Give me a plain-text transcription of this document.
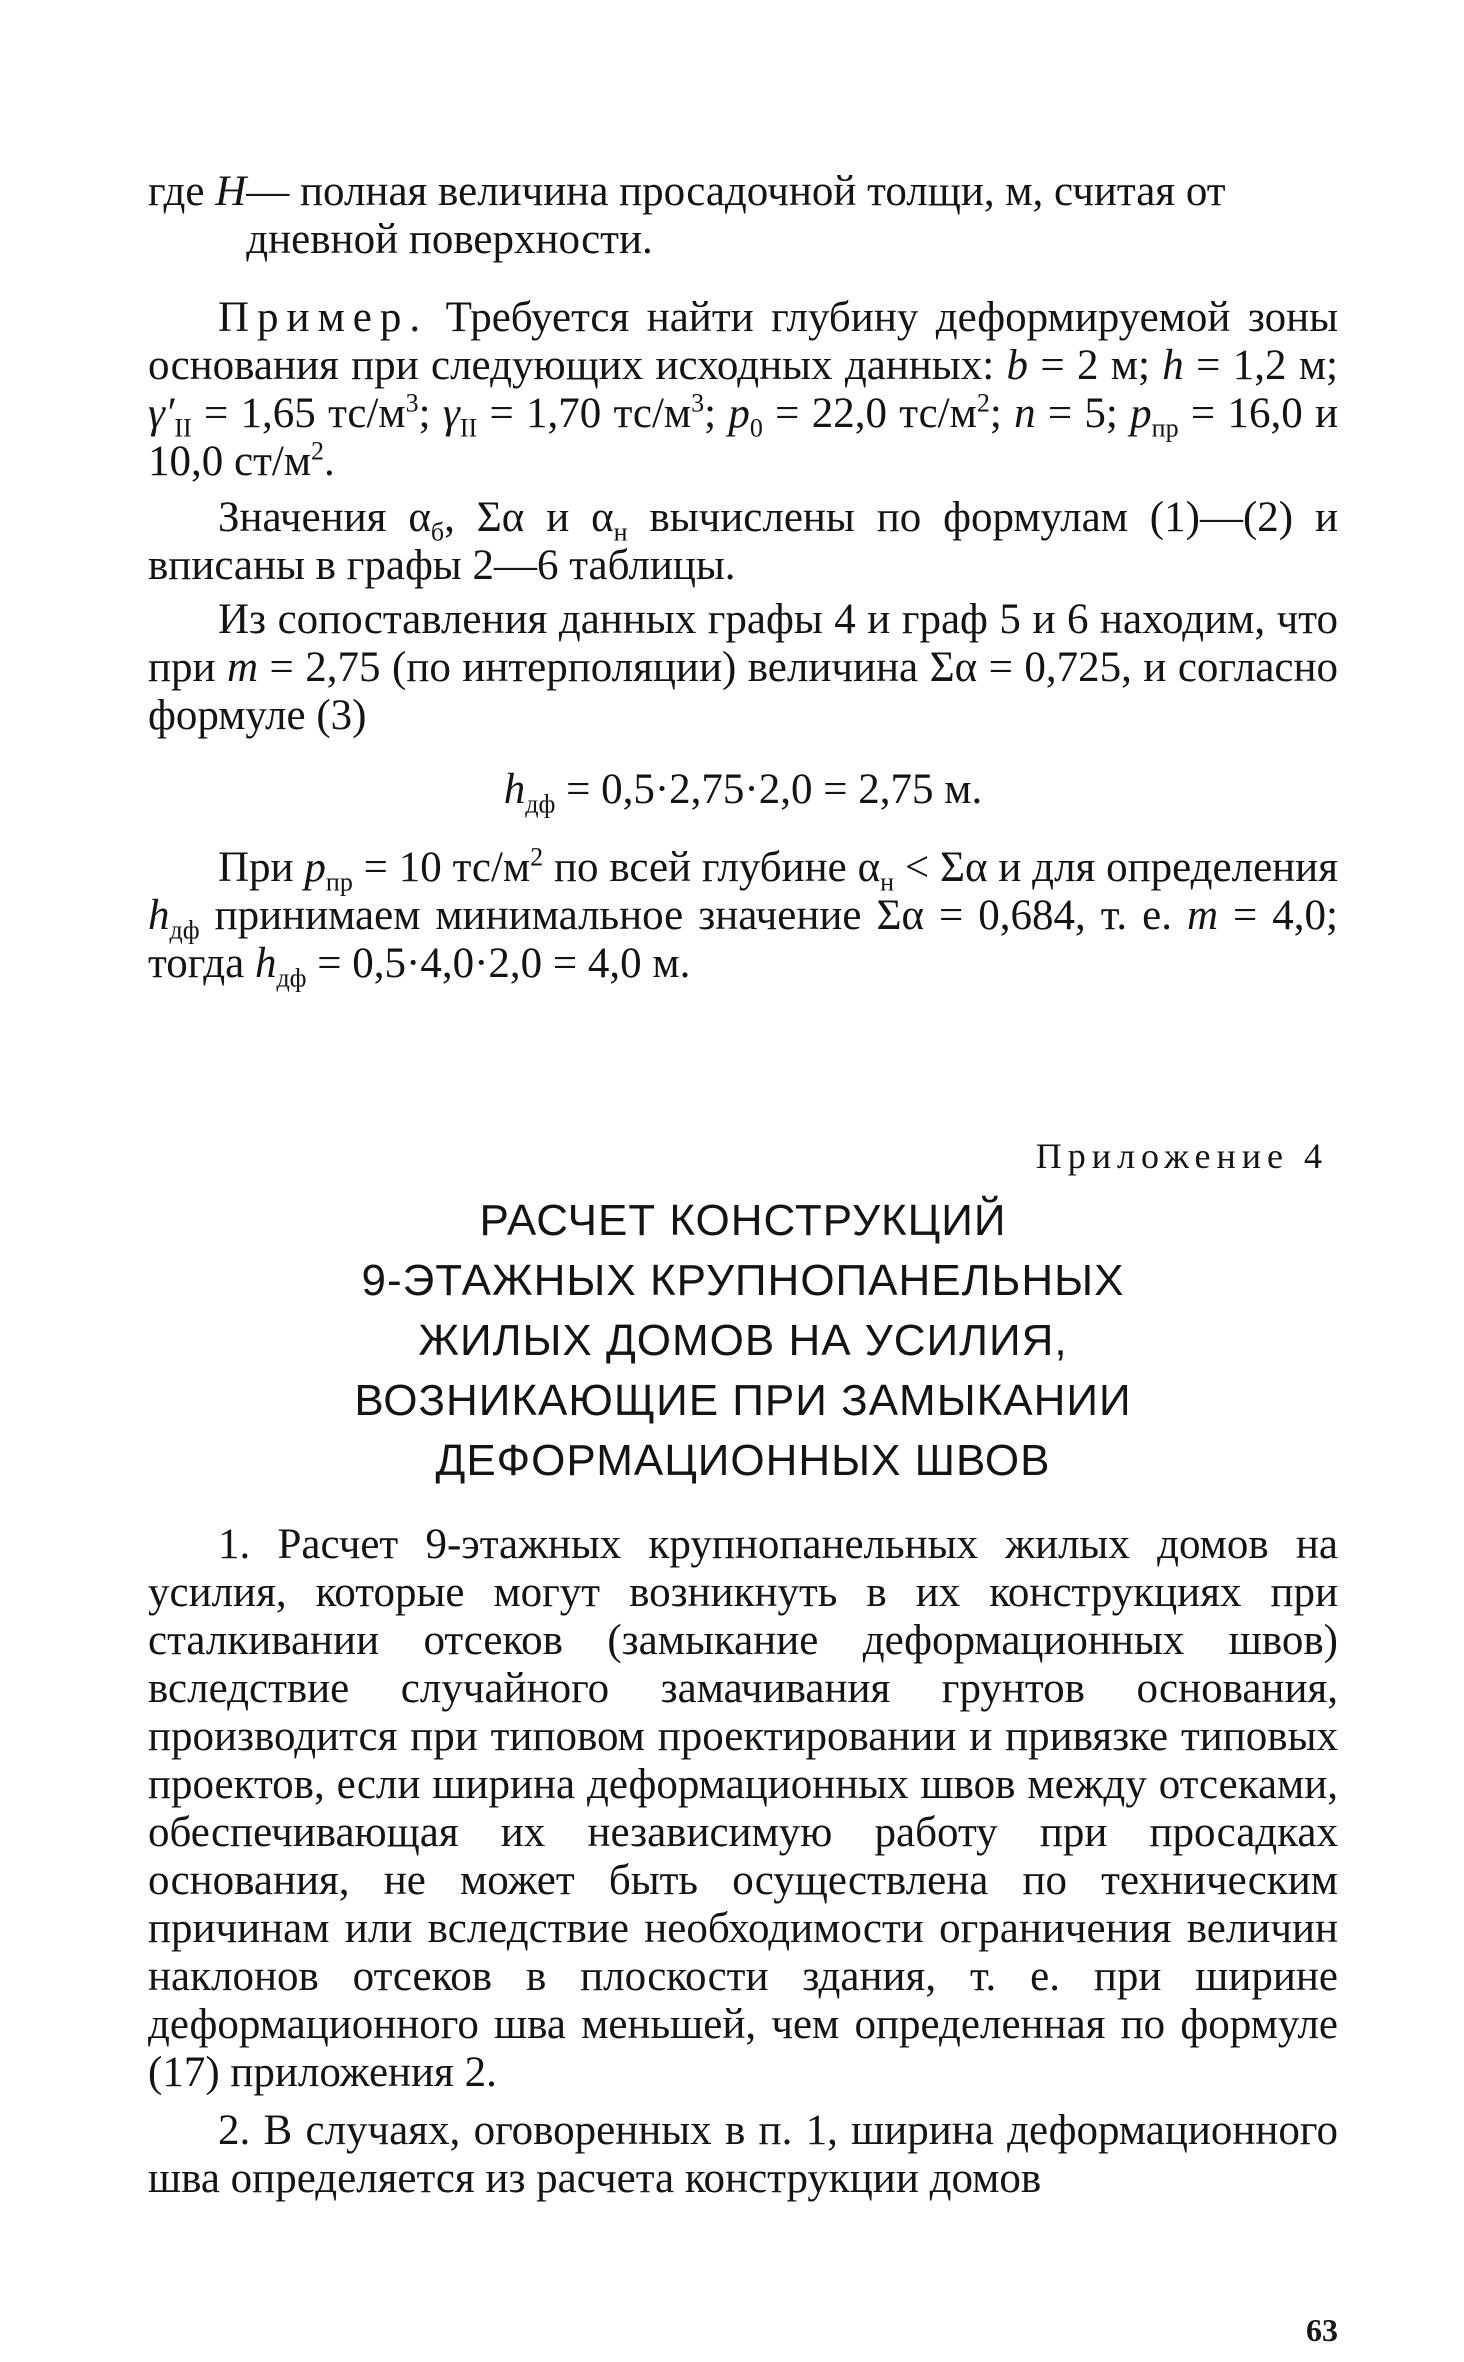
где H — полная величина просадочной толщи, м, считая от дневной поверхности.

Пример. Требуется найти глубину деформируемой зоны основания при следующих исходных данных: b = 2 м; h = 1,2 м; $\gamma'_{II} = 1,65$ $тс/м^3$; $\gamma_{II} = 1,70$ $тс/м^3$; $p_0 = 22,0$ $тс/м^2$; n = 5; $p_{пр} = 16,0$ и 10,0 $ст/м^2$.

Значения $\alpha_б$, Σα и $\alpha_н$ вычислены по формулам (1)—(2) и вписаны в графы 2—6 таблицы.

Из сопоставления данных графы 4 и граф 5 и 6 находим, что при m = 2,75 (по интерполяции) величина Σα = 0,725, и согласно формуле (3)

$h_{дф} = 0,5\cdot 2,75\cdot 2,0 = 2,75$ м.

При $p_{пр} = 10$ $тс/м^2$ по всей глубине $\alpha_н < \Sigma\alpha$ и для определения $h_{дф}$ принимаем минимальное значение Σα = 0,684, т. е. m = 4,0; тогда $h_{дф} = 0,5\cdot 4,0\cdot 2,0 = 4,0$ м.

Приложение 4
РАСЧЕТ КОНСТРУКЦИЙ
9-ЭТАЖНЫХ КРУПНОПАНЕЛЬНЫХ
ЖИЛЫХ ДОМОВ НА УСИЛИЯ,
ВОЗНИКАЮЩИЕ ПРИ ЗАМЫКАНИИ
ДЕФОРМАЦИОННЫХ ШВОВ

1. Расчет 9-этажных крупнопанельных жилых домов на усилия, которые могут возникнуть в их конструкциях при сталкивании отсеков (замыкание деформационных швов) вследствие случайного замачивания грунтов основания, производится при типовом проектировании и привязке типовых проектов, если ширина деформационных швов между отсеками, обеспечивающая их независимую работу при просадках основания, не может быть осуществлена по техническим причинам или вследствие необходимости ограничения величин наклонов отсеков в плоскости здания, т. е. при ширине деформационного шва меньшей, чем определенная по формуле (17) приложения 2.

2. В случаях, оговоренных в п. 1, ширина деформационного шва определяется из расчета конструкции домов

63
